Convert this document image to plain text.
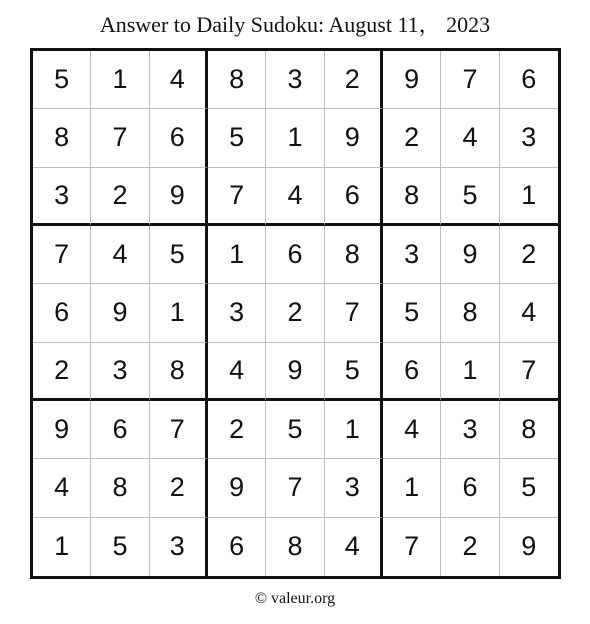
Answer to Daily Sudoku: August 11， 2023
5	1	4	8	3	2	9	7	6
8	7	6	5	1	9	2	4	3
3	2	9	7	4	6	8	5	1
7	4	5	1	6	8	3	9	2
6	9	1	3	2	7	5	8	4
2	3	8	4	9	5	6	1	7
9	6	7	2	5	1	4	3	8
4	8	2	9	7	3	1	6	5
1	5	3	6	8	4	7	2	9
© valeur.org
